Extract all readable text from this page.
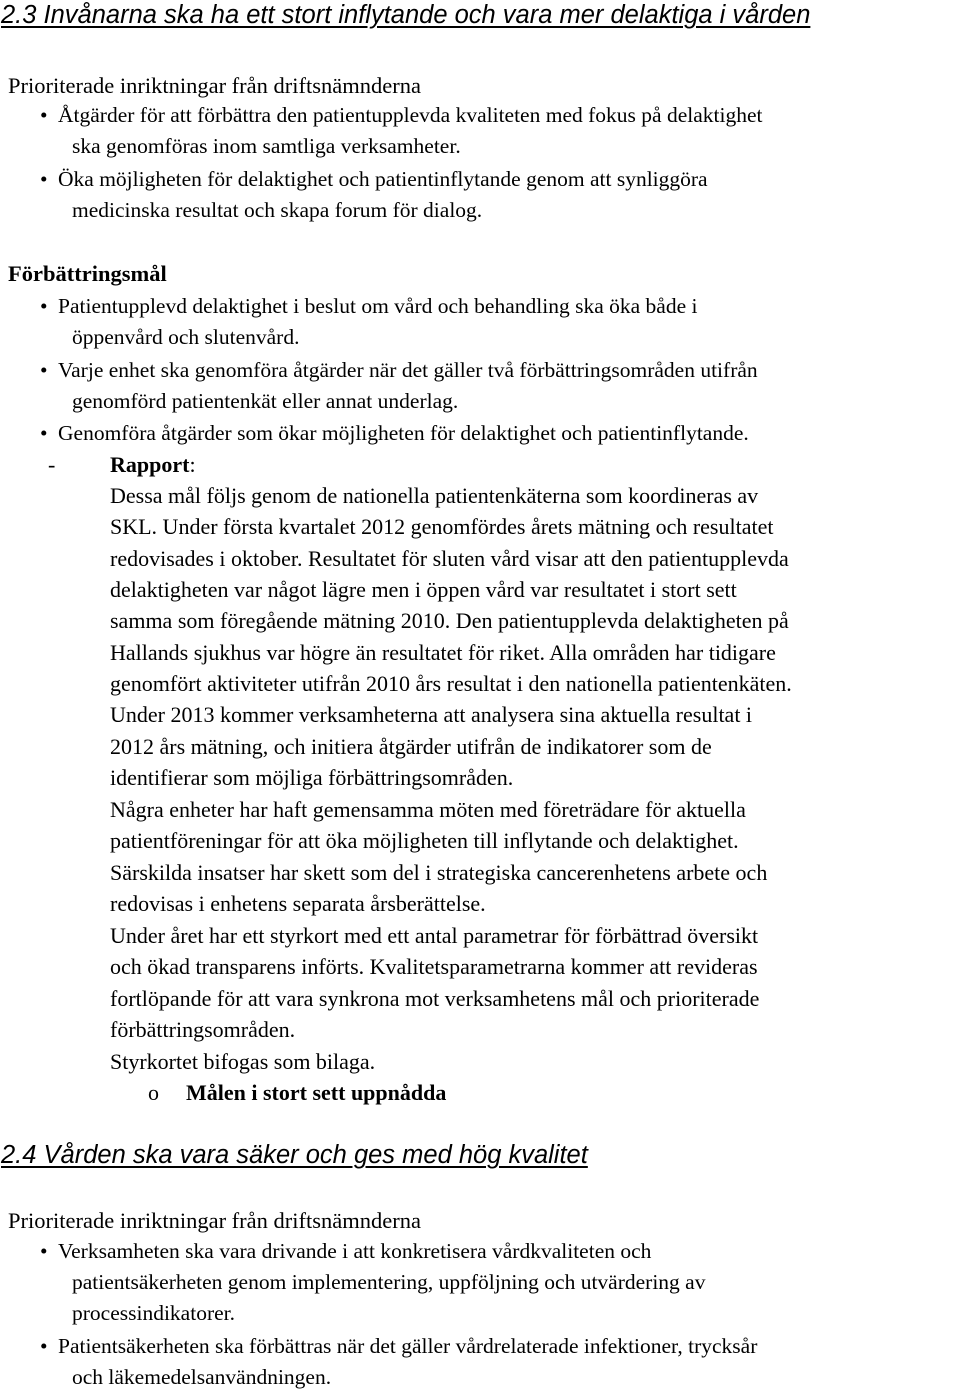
2.3 Invånarna ska ha ett stort inflytande och vara mer delaktiga i vården
Prioriterade inriktningar från driftsnämnderna
• Åtgärder för att förbättra den patientupplevda kvaliteten med fokus på delaktighet
ska genomföras inom samtliga verksamheter.
• Öka möjligheten för delaktighet och patientinflytande genom att synliggöra
medicinska resultat och skapa forum för dialog.
Förbättringsmål
• Patientupplevd delaktighet i beslut om vård och behandling ska öka både i
öppenvård och slutenvård.
• Varje enhet ska genomföra åtgärder när det gäller två förbättringsområden utifrån
genomförd patientenkät eller annat underlag.
• Genomföra åtgärder som ökar möjligheten för delaktighet och patientinflytande.
- Rapport:
Dessa mål följs genom de nationella patientenkäterna som koordineras av
SKL. Under första kvartalet 2012 genomfördes årets mätning och resultatet
redovisades i oktober. Resultatet för sluten vård visar att den patientupplevda
delaktigheten var något lägre men i öppen vård var resultatet i stort sett
samma som föregående mätning 2010. Den patientupplevda delaktigheten på
Hallands sjukhus var högre än resultatet för riket. Alla områden har tidigare
genomfört aktiviteter utifrån 2010 års resultat i den nationella patientenkäten.
Under 2013 kommer verksamheterna att analysera sina aktuella resultat i
2012 års mätning, och initiera åtgärder utifrån de indikatorer som de
identifierar som möjliga förbättringsområden.
Några enheter har haft gemensamma möten med företrädare för aktuella
patientföreningar för att öka möjligheten till inflytande och delaktighet.
Särskilda insatser har skett som del i strategiska cancerenhetens arbete och
redovisas i enhetens separata årsberättelse.
Under året har ett styrkort med ett antal parametrar för förbättrad översikt
och ökad transparens införts. Kvalitetsparametrarna kommer att revideras
fortlöpande för att vara synkrona mot verksamhetens mål och prioriterade
förbättringsområden.
Styrkortet bifogas som bilaga.
o Målen i stort sett uppnådda
2.4 Vården ska vara säker och ges med hög kvalitet
Prioriterade inriktningar från driftsnämnderna
• Verksamheten ska vara drivande i att konkretisera vårdkvaliteten och
patientsäkerheten genom implementering, uppföljning och utvärdering av
processindikatorer.
• Patientsäkerheten ska förbättras när det gäller vårdrelaterade infektioner, trycksår
och läkemedelsanvändningen.
